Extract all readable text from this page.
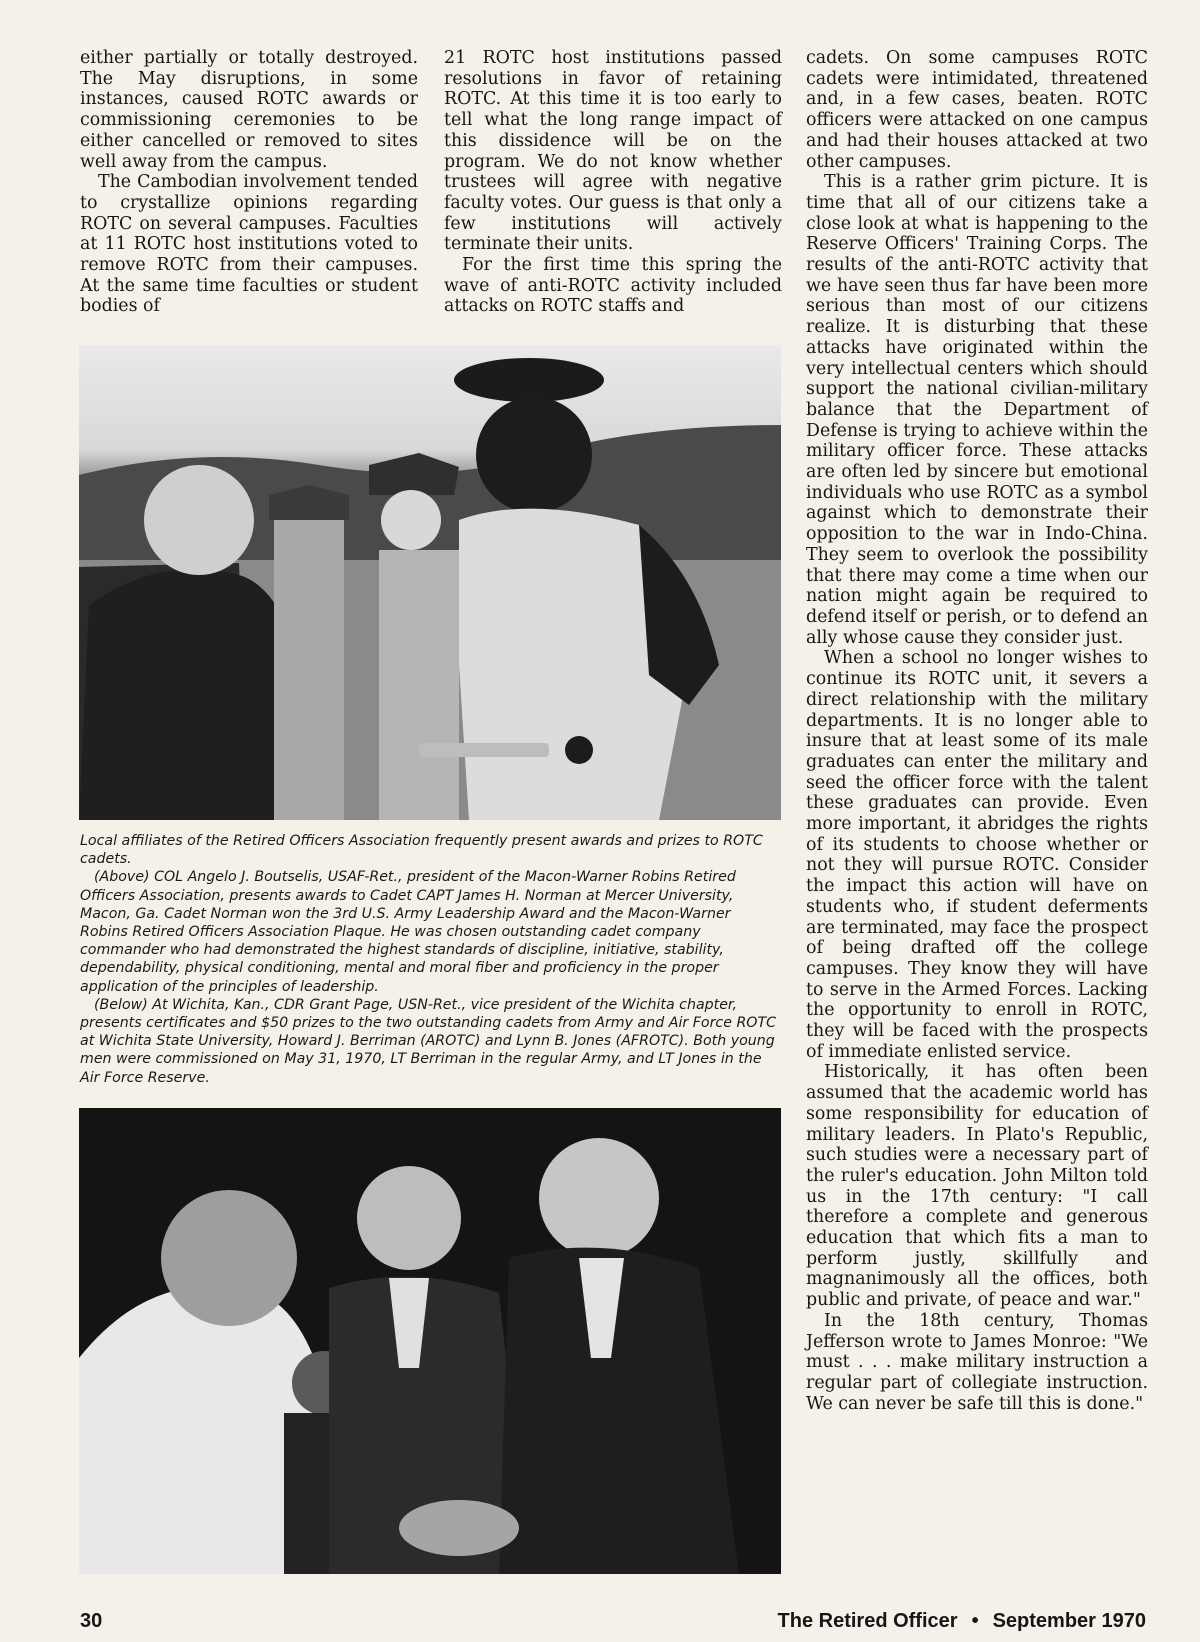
either partially or totally destroyed. The May disruptions, in some instances, caused ROTC awards or commissioning ceremonies to be either cancelled or removed to sites well away from the campus.

The Cambodian involvement tended to crystallize opinions regarding ROTC on several campuses. Faculties at 11 ROTC host institutions voted to remove ROTC from their campuses. At the same time faculties or student bodies of

21 ROTC host institutions passed resolutions in favor of retaining ROTC. At this time it is too early to tell what the long range impact of this dissidence will be on the program. We do not know whether trustees will agree with negative faculty votes. Our guess is that only a few institutions will actively terminate their units.

For the first time this spring the wave of anti-ROTC activity included attacks on ROTC staffs and

cadets. On some campuses ROTC cadets were intimidated, threatened and, in a few cases, beaten. ROTC officers were attacked on one campus and had their houses attacked at two other campuses.

This is a rather grim picture. It is time that all of our citizens take a close look at what is happening to the Reserve Officers' Training Corps. The results of the anti-ROTC activity that we have seen thus far have been more serious than most of our citizens realize. It is disturbing that these attacks have originated within the very intellectual centers which should support the national civilian-military balance that the Department of Defense is trying to achieve within the military officer force. These attacks are often led by sincere but emotional individuals who use ROTC as a symbol against which to demonstrate their opposition to the war in Indo-China. They seem to overlook the possibility that there may come a time when our nation might again be required to defend itself or perish, or to defend an ally whose cause they consider just.

When a school no longer wishes to continue its ROTC unit, it severs a direct relationship with the military departments. It is no longer able to insure that at least some of its male graduates can enter the military and seed the officer force with the talent these graduates can provide. Even more important, it abridges the rights of its students to choose whether or not they will pursue ROTC. Consider the impact this action will have on students who, if student deferments are terminated, may face the prospect of being drafted off the college campuses. They know they will have to serve in the Armed Forces. Lacking the opportunity to enroll in ROTC, they will be faced with the prospects of immediate enlisted service.

Historically, it has often been assumed that the academic world has some responsibility for education of military leaders. In Plato's Republic, such studies were a necessary part of the ruler's education. John Milton told us in the 17th century: "I call therefore a complete and generous education that which fits a man to perform justly, skillfully and magnanimously all the offices, both public and private, of peace and war."

In the 18th century, Thomas Jefferson wrote to James Monroe: "We must . . . make military instruction a regular part of collegiate instruction. We can never be safe till this is done."

Local affiliates of the Retired Officers Association frequently present awards and prizes to ROTC cadets.

(Above) COL Angelo J. Boutselis, USAF-Ret., president of the Macon-Warner Robins Retired Officers Association, presents awards to Cadet CAPT James H. Norman at Mercer University, Macon, Ga. Cadet Norman won the 3rd U.S. Army Leadership Award and the Macon-Warner Robins Retired Officers Association Plaque. He was chosen outstanding cadet company commander who had demonstrated the highest standards of discipline, initiative, stability, dependability, physical conditioning, mental and moral fiber and proficiency in the proper application of the principles of leadership.

(Below) At Wichita, Kan., CDR Grant Page, USN-Ret., vice president of the Wichita chapter, presents certificates and $50 prizes to the two outstanding cadets from Army and Air Force ROTC at Wichita State University, Howard J. Berriman (AROTC) and Lynn B. Jones (AFROTC). Both young men were commissioned on May 31, 1970, LT Berriman in the regular Army, and LT Jones in the Air Force Reserve.

30	The Retired Officer • September 1970
